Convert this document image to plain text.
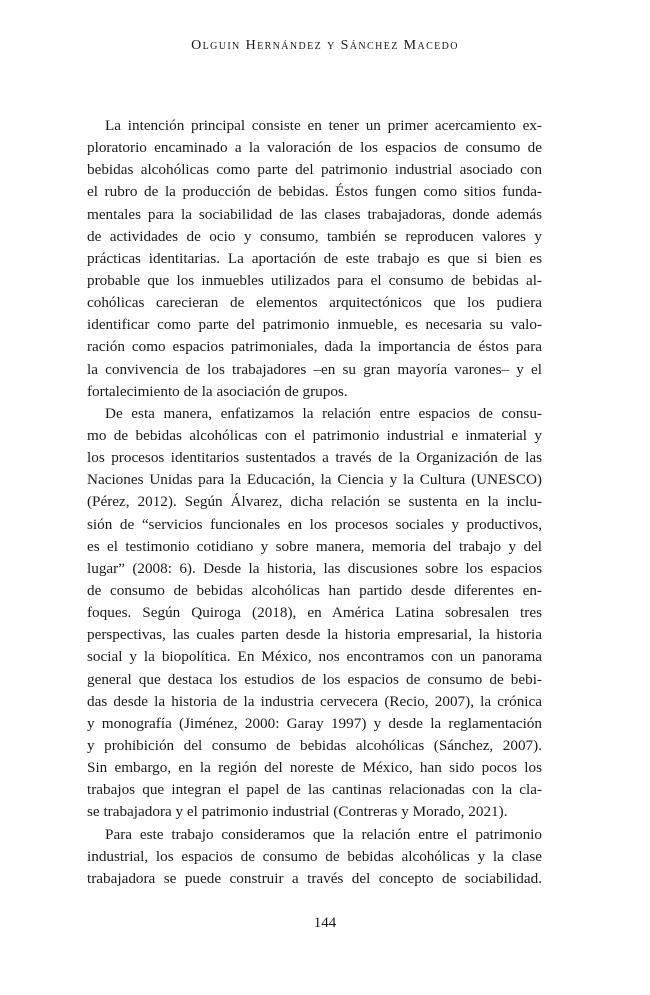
Olguin Hernández y Sánchez Macedo
La intención principal consiste en tener un primer acercamiento ex-
ploratorio encaminado a la valoración de los espacios de consumo de
bebidas alcohólicas como parte del patrimonio industrial asociado con
el rubro de la producción de bebidas. Éstos fungen como sitios funda-
mentales para la sociabilidad de las clases trabajadoras, donde además
de actividades de ocio y consumo, también se reproducen valores y
prácticas identitarias. La aportación de este trabajo es que si bien es
probable que los inmuebles utilizados para el consumo de bebidas al-
cohólicas carecieran de elementos arquitectónicos que los pudiera
identificar como parte del patrimonio inmueble, es necesaria su valo-
ración como espacios patrimoniales, dada la importancia de éstos para
la convivencia de los trabajadores –en su gran mayoría varones– y el
fortalecimiento de la asociación de grupos.
De esta manera, enfatizamos la relación entre espacios de consu-
mo de bebidas alcohólicas con el patrimonio industrial e inmaterial y
los procesos identitarios sustentados a través de la Organización de las
Naciones Unidas para la Educación, la Ciencia y la Cultura (UNESCO)
(Pérez, 2012). Según Álvarez, dicha relación se sustenta en la inclu-
sión de “servicios funcionales en los procesos sociales y productivos,
es el testimonio cotidiano y sobre manera, memoria del trabajo y del
lugar” (2008: 6). Desde la historia, las discusiones sobre los espacios
de consumo de bebidas alcohólicas han partido desde diferentes en-
foques. Según Quiroga (2018), en América Latina sobresalen tres
perspectivas, las cuales parten desde la historia empresarial, la historia
social y la biopolítica. En México, nos encontramos con un panorama
general que destaca los estudios de los espacios de consumo de bebi-
das desde la historia de la industria cervecera (Recio, 2007), la crónica
y monografía (Jiménez, 2000: Garay 1997) y desde la reglamentación
y prohibición del consumo de bebidas alcohólicas (Sánchez, 2007).
Sin embargo, en la región del noreste de México, han sido pocos los
trabajos que integran el papel de las cantinas relacionadas con la cla-
se trabajadora y el patrimonio industrial (Contreras y Morado, 2021).
Para este trabajo consideramos que la relación entre el patrimonio
industrial, los espacios de consumo de bebidas alcohólicas y la clase
trabajadora se puede construir a través del concepto de sociabilidad.
144
